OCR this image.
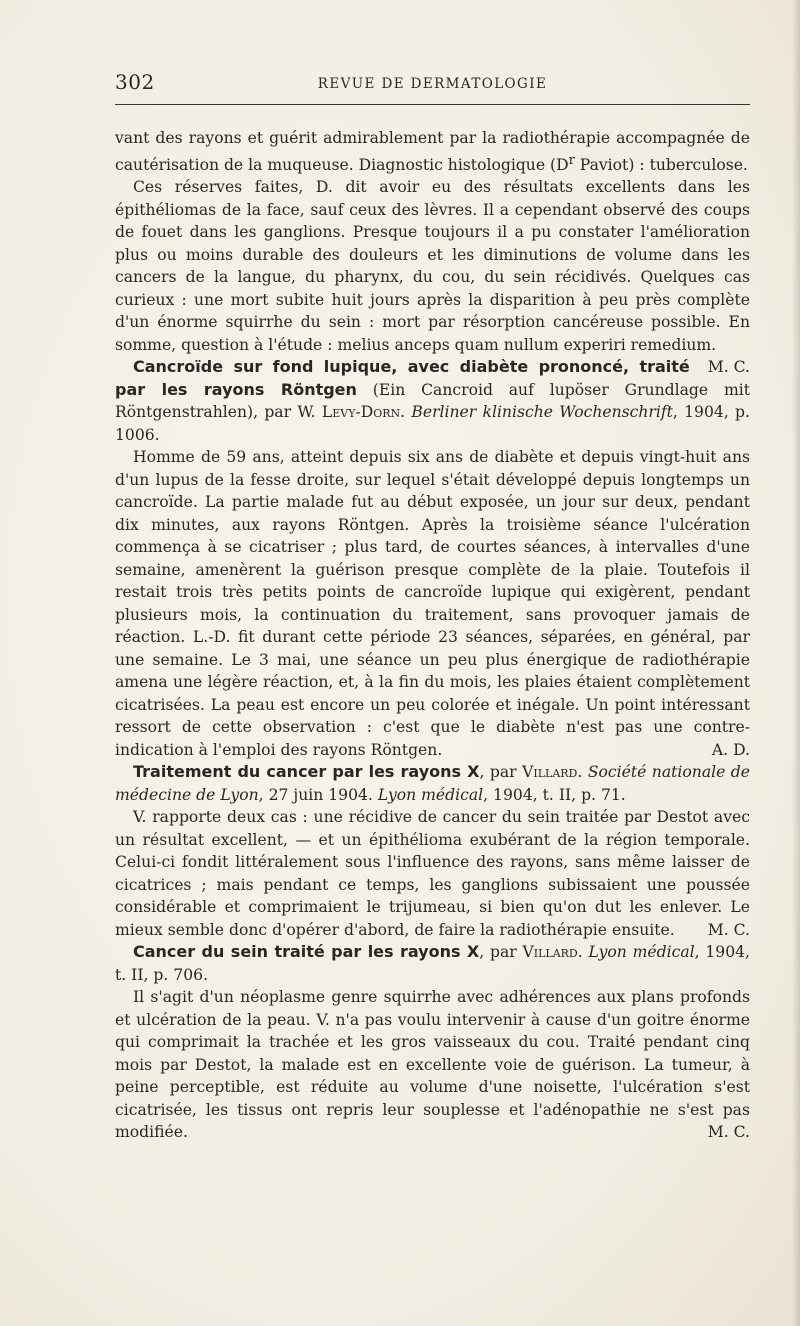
302	REVUE DE DERMATOLOGIE

vant des rayons et guérit admirablement par la radiothérapie accompagnée de cautérisation de la muqueuse. Diagnostic histologique ($D^r$ Paviot) : tuberculose.

Ces réserves faites, D. dit avoir eu des résultats excellents dans les épithéliomas de la face, sauf ceux des lèvres. Il a cependant observé des coups de fouet dans les ganglions. Presque toujours il a pu constater l'amélioration plus ou moins durable des douleurs et les diminutions de volume dans les cancers de la langue, du pharynx, du cou, du sein récidivés. Quelques cas curieux : une mort subite huit jours après la disparition à peu près complète d'un énorme squirrhe du sein : mort par résorption cancéreuse possible. En somme, question à l'étude : melius anceps quam nullum experiri remedium.
M. C.

Cancroïde sur fond lupique, avec diabète prononcé, traité par les rayons Röntgen (Ein Cancroid auf lupöser Grundlage mit Röntgenstrahlen), par W. Levy-Dorn. Berliner klinische Wochenschrift, 1904, p. 1006.

Homme de 59 ans, atteint depuis six ans de diabète et depuis vingt-huit ans d'un lupus de la fesse droite, sur lequel s'était développé depuis longtemps un cancroïde. La partie malade fut au début exposée, un jour sur deux, pendant dix minutes, aux rayons Röntgen. Après la troisième séance l'ulcération commença à se cicatriser ; plus tard, de courtes séances, à intervalles d'une semaine, amenèrent la guérison presque complète de la plaie. Toutefois il restait trois très petits points de cancroïde lupique qui exigèrent, pendant plusieurs mois, la continuation du traitement, sans provoquer jamais de réaction. L.-D. fit durant cette période 23 séances, séparées, en général, par une semaine. Le 3 mai, une séance un peu plus énergique de radiothérapie amena une légère réaction, et, à la fin du mois, les plaies étaient complètement cicatrisées. La peau est encore un peu colorée et inégale. Un point intéressant ressort de cette observation : c'est que le diabète n'est pas une contre-indication à l'emploi des rayons Röntgen.	A. D.

Traitement du cancer par les rayons X, par Villard. Société nationale de médecine de Lyon, 27 juin 1904. Lyon médical, 1904, t. II, p. 71.

V. rapporte deux cas : une récidive de cancer du sein traitée par Destot avec un résultat excellent, — et un épithélioma exubérant de la région temporale. Celui-ci fondit littéralement sous l'influence des rayons, sans même laisser de cicatrices ; mais pendant ce temps, les ganglions subissaient une poussée considérable et comprimaient le trijumeau, si bien qu'on dut les enlever. Le mieux semble donc d'opérer d'abord, de faire la radiothérapie ensuite.	M. C.

Cancer du sein traité par les rayons X, par Villard. Lyon médical, 1904, t. II, p. 706.

Il s'agit d'un néoplasme genre squirrhe avec adhérences aux plans profonds et ulcération de la peau. V. n'a pas voulu intervenir à cause d'un goitre énorme qui comprimait la trachée et les gros vaisseaux du cou. Traité pendant cinq mois par Destot, la malade est en excellente voie de guérison. La tumeur, à peine perceptible, est réduite au volume d'une noisette, l'ulcération s'est cicatrisée, les tissus ont repris leur souplesse et l'adénopathie ne s'est pas modifiée.	M. C.
